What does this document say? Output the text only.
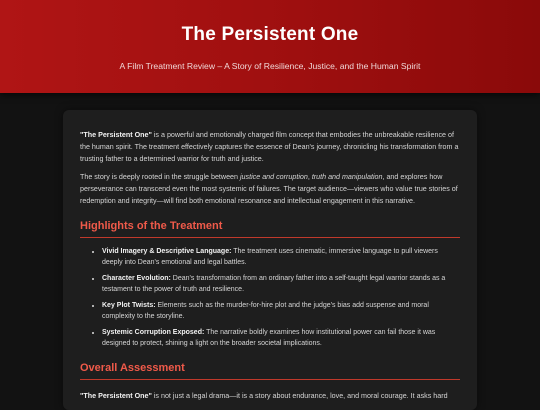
The Persistent One
A Film Treatment Review – A Story of Resilience, Justice, and the Human Spirit

"The Persistent One" is a powerful and emotionally charged film concept that embodies the unbreakable resilience of the human spirit. The treatment effectively captures the essence of Dean's journey, chronicling his transformation from a trusting father to a determined warrior for truth and justice.

The story is deeply rooted in the struggle between justice and corruption, truth and manipulation, and explores how perseverance can transcend even the most systemic of failures. The target audience—viewers who value true stories of redemption and integrity—will find both emotional resonance and intellectual engagement in this narrative.

Highlights of the Treatment
• Vivid Imagery & Descriptive Language: The treatment uses cinematic, immersive language to pull viewers deeply into Dean's emotional and legal battles.
• Character Evolution: Dean's transformation from an ordinary father into a self-taught legal warrior stands as a testament to the power of truth and resilience.
• Key Plot Twists: Elements such as the murder-for-hire plot and the judge's bias add suspense and moral complexity to the storyline.
• Systemic Corruption Exposed: The narrative boldly examines how institutional power can fail those it was designed to protect, shining a light on the broader societal implications.
Overall Assessment

"The Persistent One" is not just a legal drama—it is a story about endurance, love, and moral courage. It asks hard
